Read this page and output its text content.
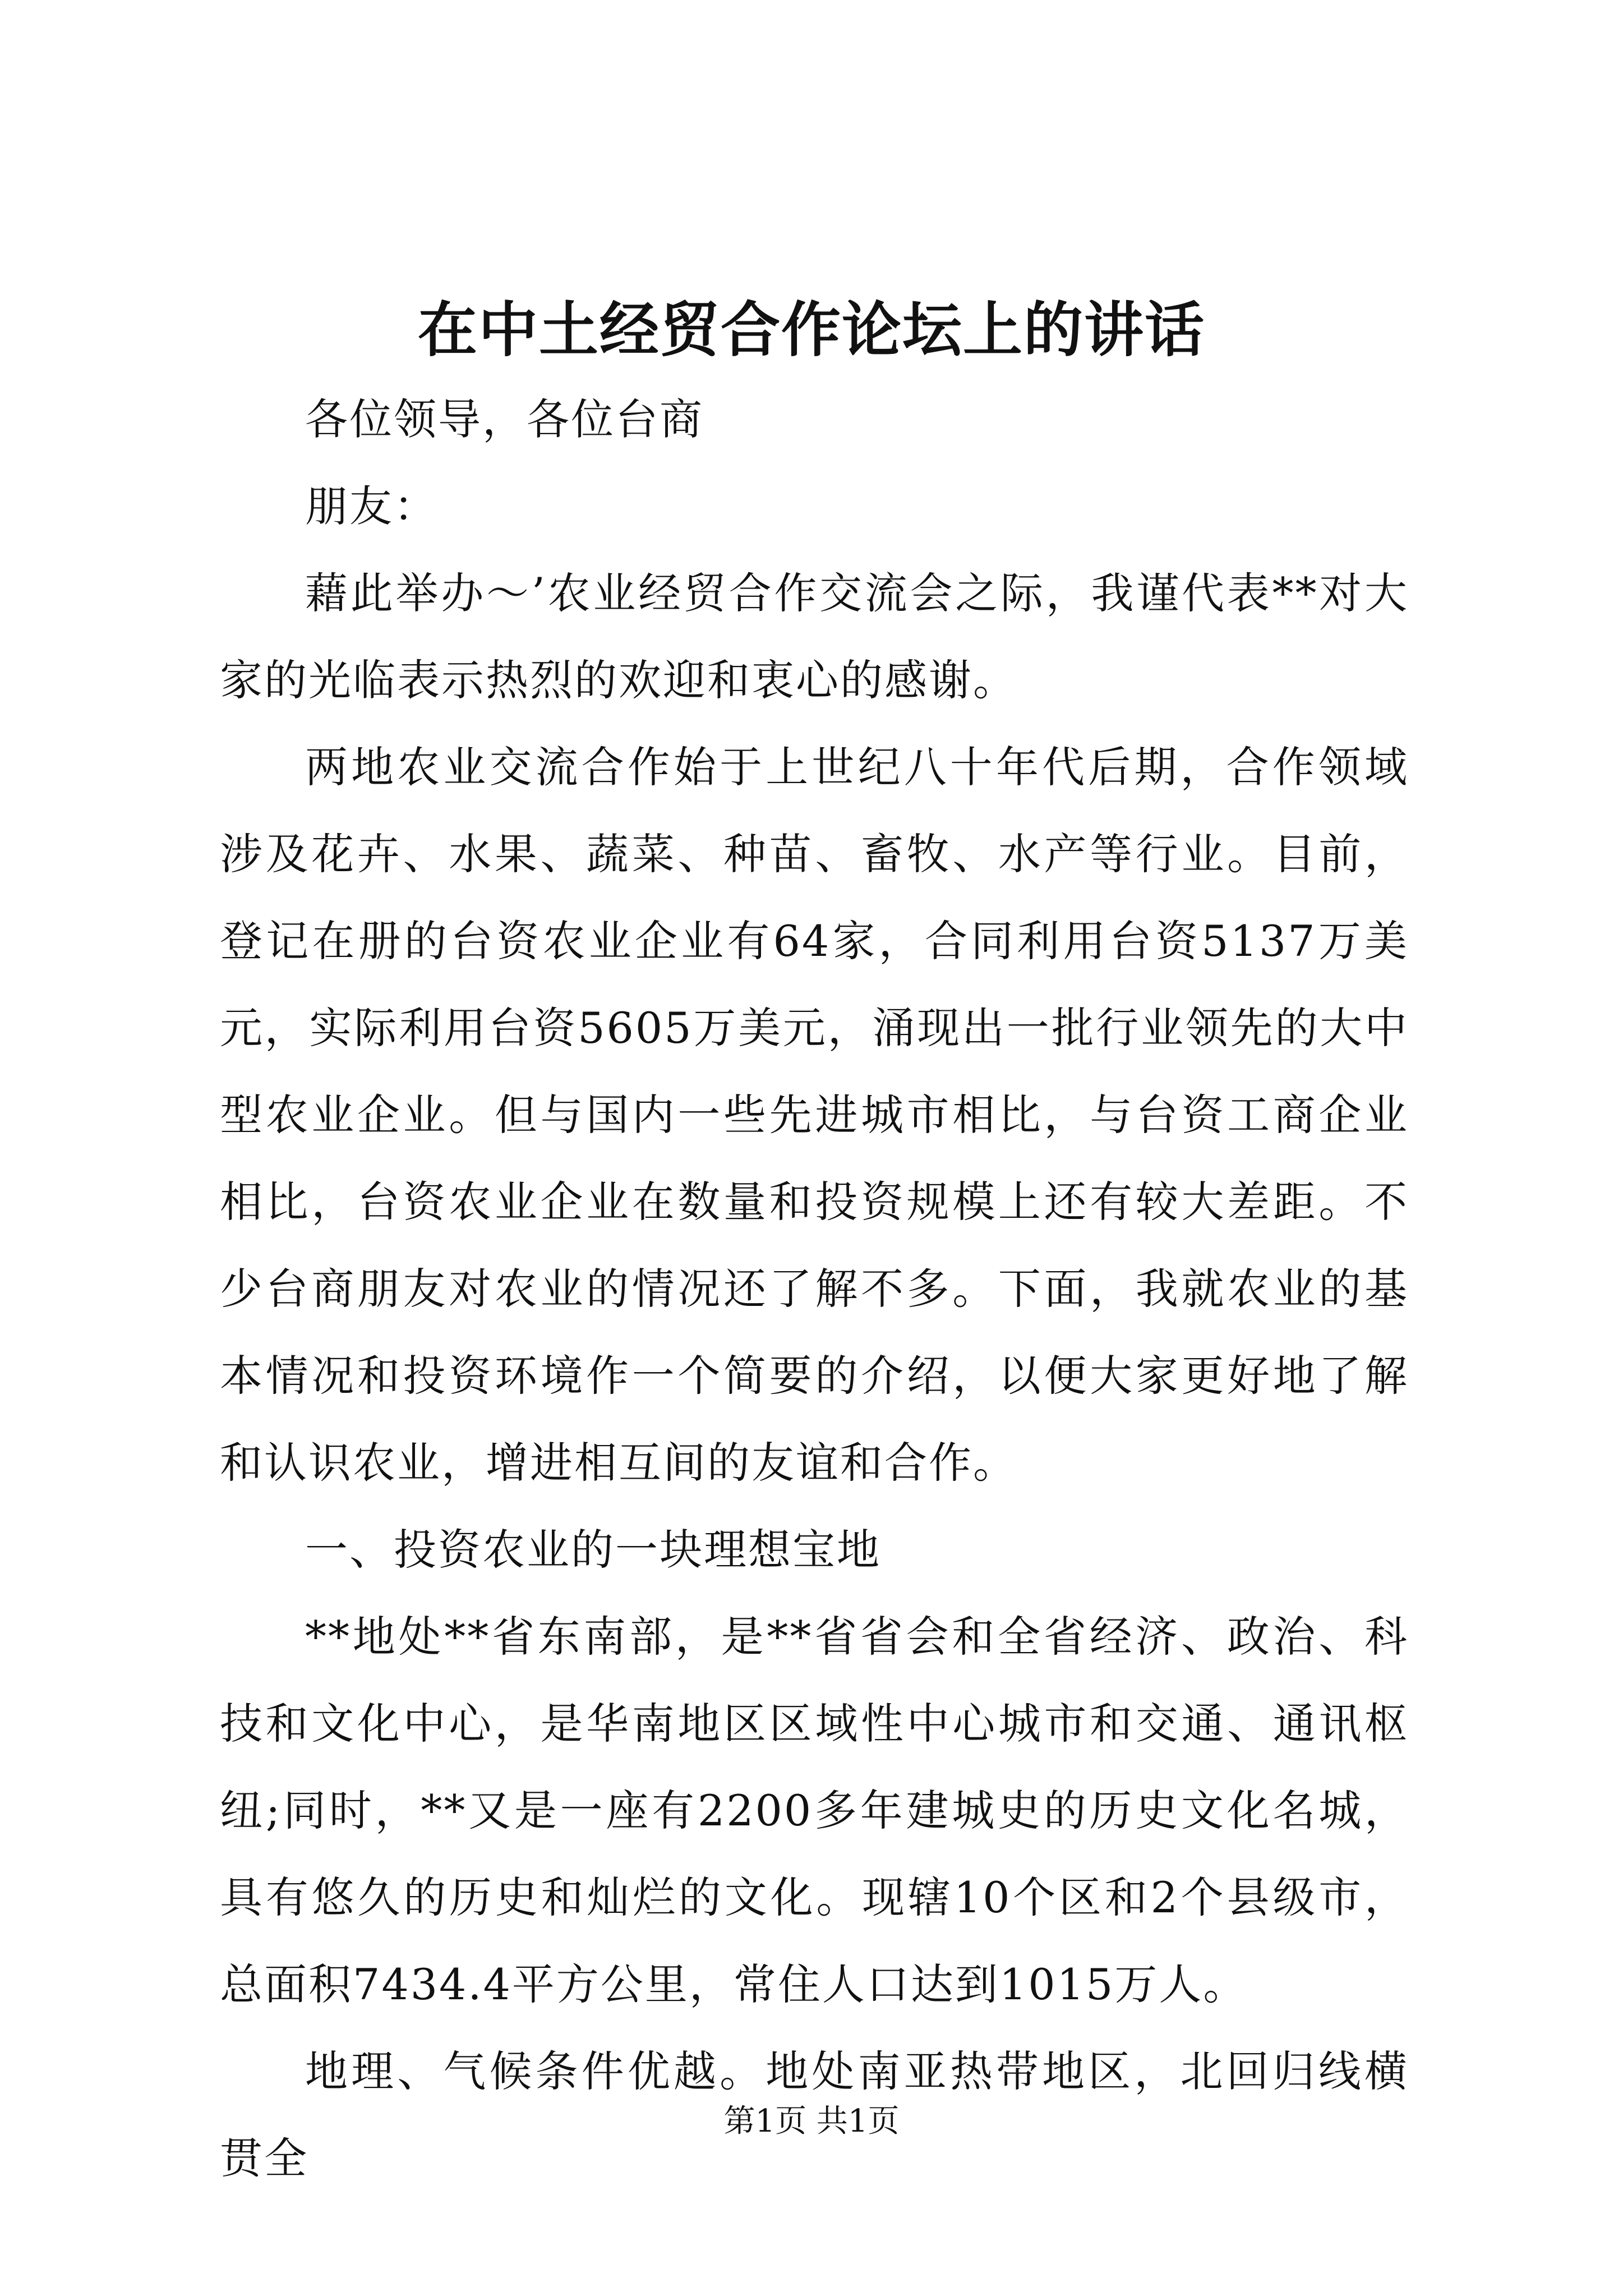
在中土经贸合作论坛上的讲话

各位领导，各位台商

朋友：

藉此举办～’农业经贸合作交流会之际，我谨代表**对大家的光临表示热烈的欢迎和衷心的感谢。

两地农业交流合作始于上世纪八十年代后期，合作领域涉及花卉、水果、蔬菜、种苗、畜牧、水产等行业。目前，登记在册的台资农业企业有64家，合同利用台资5137万美元，实际利用台资5605万美元，涌现出一批行业领先的大中型农业企业。但与国内一些先进城市相比，与台资工商企业相比，台资农业企业在数量和投资规模上还有较大差距。不少台商朋友对农业的情况还了解不多。下面，我就农业的基本情况和投资环境作一个简要的介绍，以便大家更好地了解和认识农业，增进相互间的友谊和合作。

一、投资农业的一块理想宝地

**地处**省东南部，是**省省会和全省经济、政治、科技和文化中心，是华南地区区域性中心城市和交通、通讯枢纽;同时，**又是一座有2200多年建城史的历史文化名城，具有悠久的历史和灿烂的文化。现辖10个区和2个县级市，总面积7434.4平方公里，常住人口达到1015万人。

地理、气候条件优越。地处南亚热带地区，北回归线横贯全

第1页 共1页
